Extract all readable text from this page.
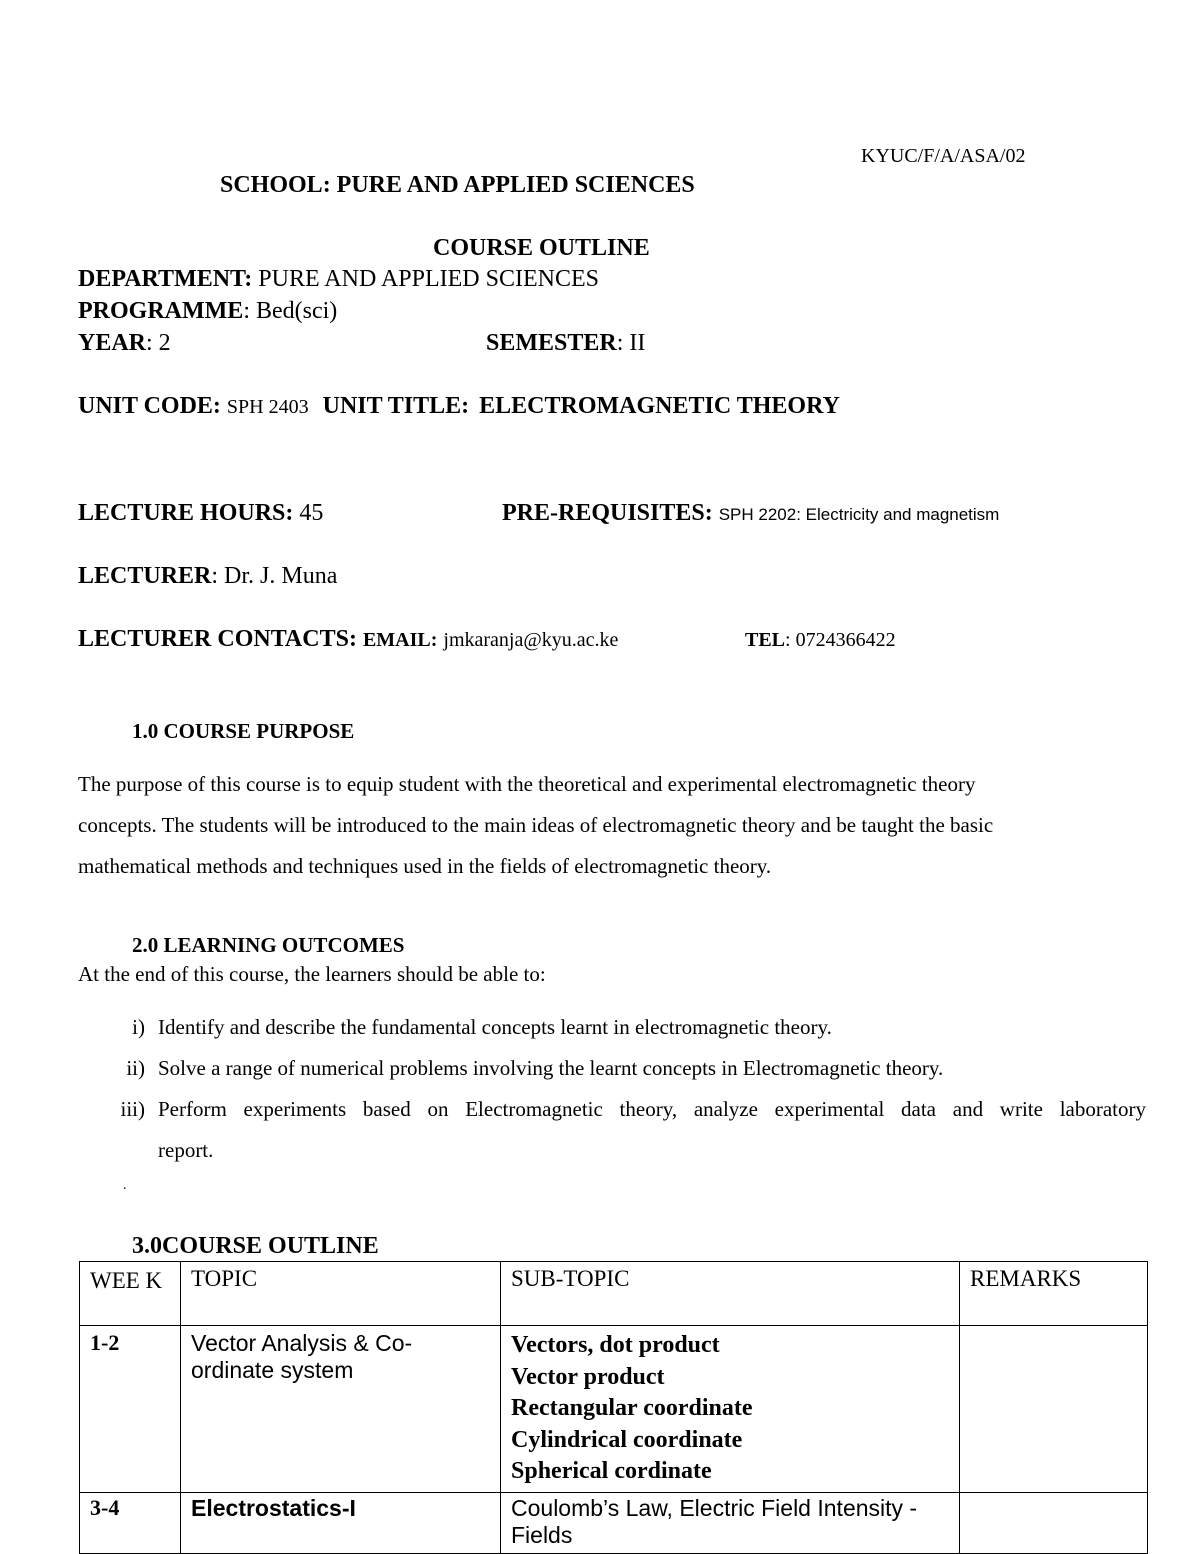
KYUC/F/A/ASA/02
SCHOOL: PURE AND APPLIED SCIENCES
COURSE OUTLINE
DEPARTMENT: PURE AND APPLIED SCIENCES
PROGRAMME: Bed(sci)
YEAR: 2	SEMESTER: II
UNIT CODE: SPH 2403 UNIT TITLE: ELECTROMAGNETIC THEORY
LECTURE HOURS: 45	PRE-REQUISITES: SPH 2202: Electricity and magnetism
LECTURER: Dr. J. Muna
LECTURER CONTACTS: EMAIL: jmkaranja@kyu.ac.ke	TEL: 0724366422
1.0 COURSE PURPOSE
The purpose of this course is to equip student with the theoretical and experimental electromagnetic theory
concepts. The students will be introduced to the main ideas of electromagnetic theory and be taught the basic
mathematical methods and techniques used in the fields of electromagnetic theory.
2.0 LEARNING OUTCOMES
At the end of this course, the learners should be able to:
i) Identify and describe the fundamental concepts learnt in electromagnetic theory.
ii) Solve a range of numerical problems involving the learnt concepts in Electromagnetic theory.
iii) Perform experiments based on Electromagnetic theory, analyze experimental data and write laboratory
report.
.
3.0COURSE OUTLINE
WEE K	TOPIC	SUB-TOPIC	REMARKS
1-2	Vector Analysis & Co-ordinate system	Vectors, dot product
Vector product
Rectangular coordinate
Cylindrical coordinate
Spherical cordinate	

3-4	Electrostatics-I	Coulomb’s Law, Electric Field Intensity - Fields	
